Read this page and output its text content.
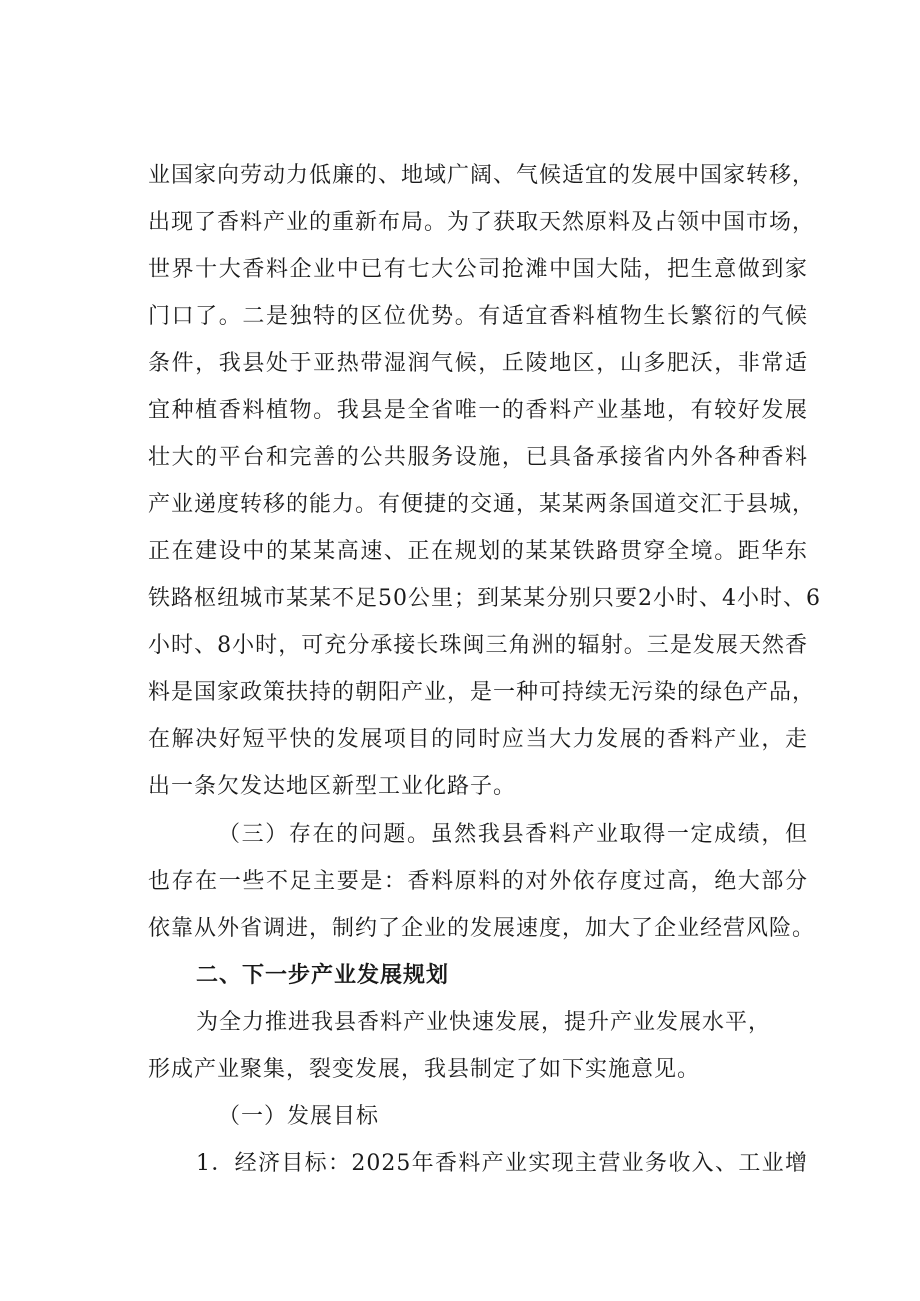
业国家向劳动力低廉的、地域广阔、气候适宜的发展中国家转移，
出现了香料产业的重新布局。为了获取天然原料及占领中国市场，
世界十大香料企业中已有七大公司抢滩中国大陆，把生意做到家
门口了。二是独特的区位优势。有适宜香料植物生长繁衍的气候
条件，我县处于亚热带湿润气候，丘陵地区，山多肥沃，非常适
宜种植香料植物。我县是全省唯一的香料产业基地，有较好发展
壮大的平台和完善的公共服务设施，已具备承接省内外各种香料
产业递度转移的能力。有便捷的交通，某某两条国道交汇于县城，
正在建设中的某某高速、正在规划的某某铁路贯穿全境。距华东
铁路枢纽城市某某不足50公里；到某某分别只要2小时、4小时、6
小时、8小时，可充分承接长珠闽三角洲的辐射。三是发展天然香
料是国家政策扶持的朝阳产业，是一种可持续无污染的绿色产品，
在解决好短平快的发展项目的同时应当大力发展的香料产业，走
出一条欠发达地区新型工业化路子。
（三）存在的问题。虽然我县香料产业取得一定成绩，但
也存在一些不足主要是：香料原料的对外依存度过高，绝大部分
依靠从外省调进，制约了企业的发展速度，加大了企业经营风险。
二、下一步产业发展规划
为全力推进我县香料产业快速发展，提升产业发展水平，
形成产业聚集，裂变发展，我县制定了如下实施意见。
（一）发展目标
1．经济目标：2025年香料产业实现主营业务收入、工业增
